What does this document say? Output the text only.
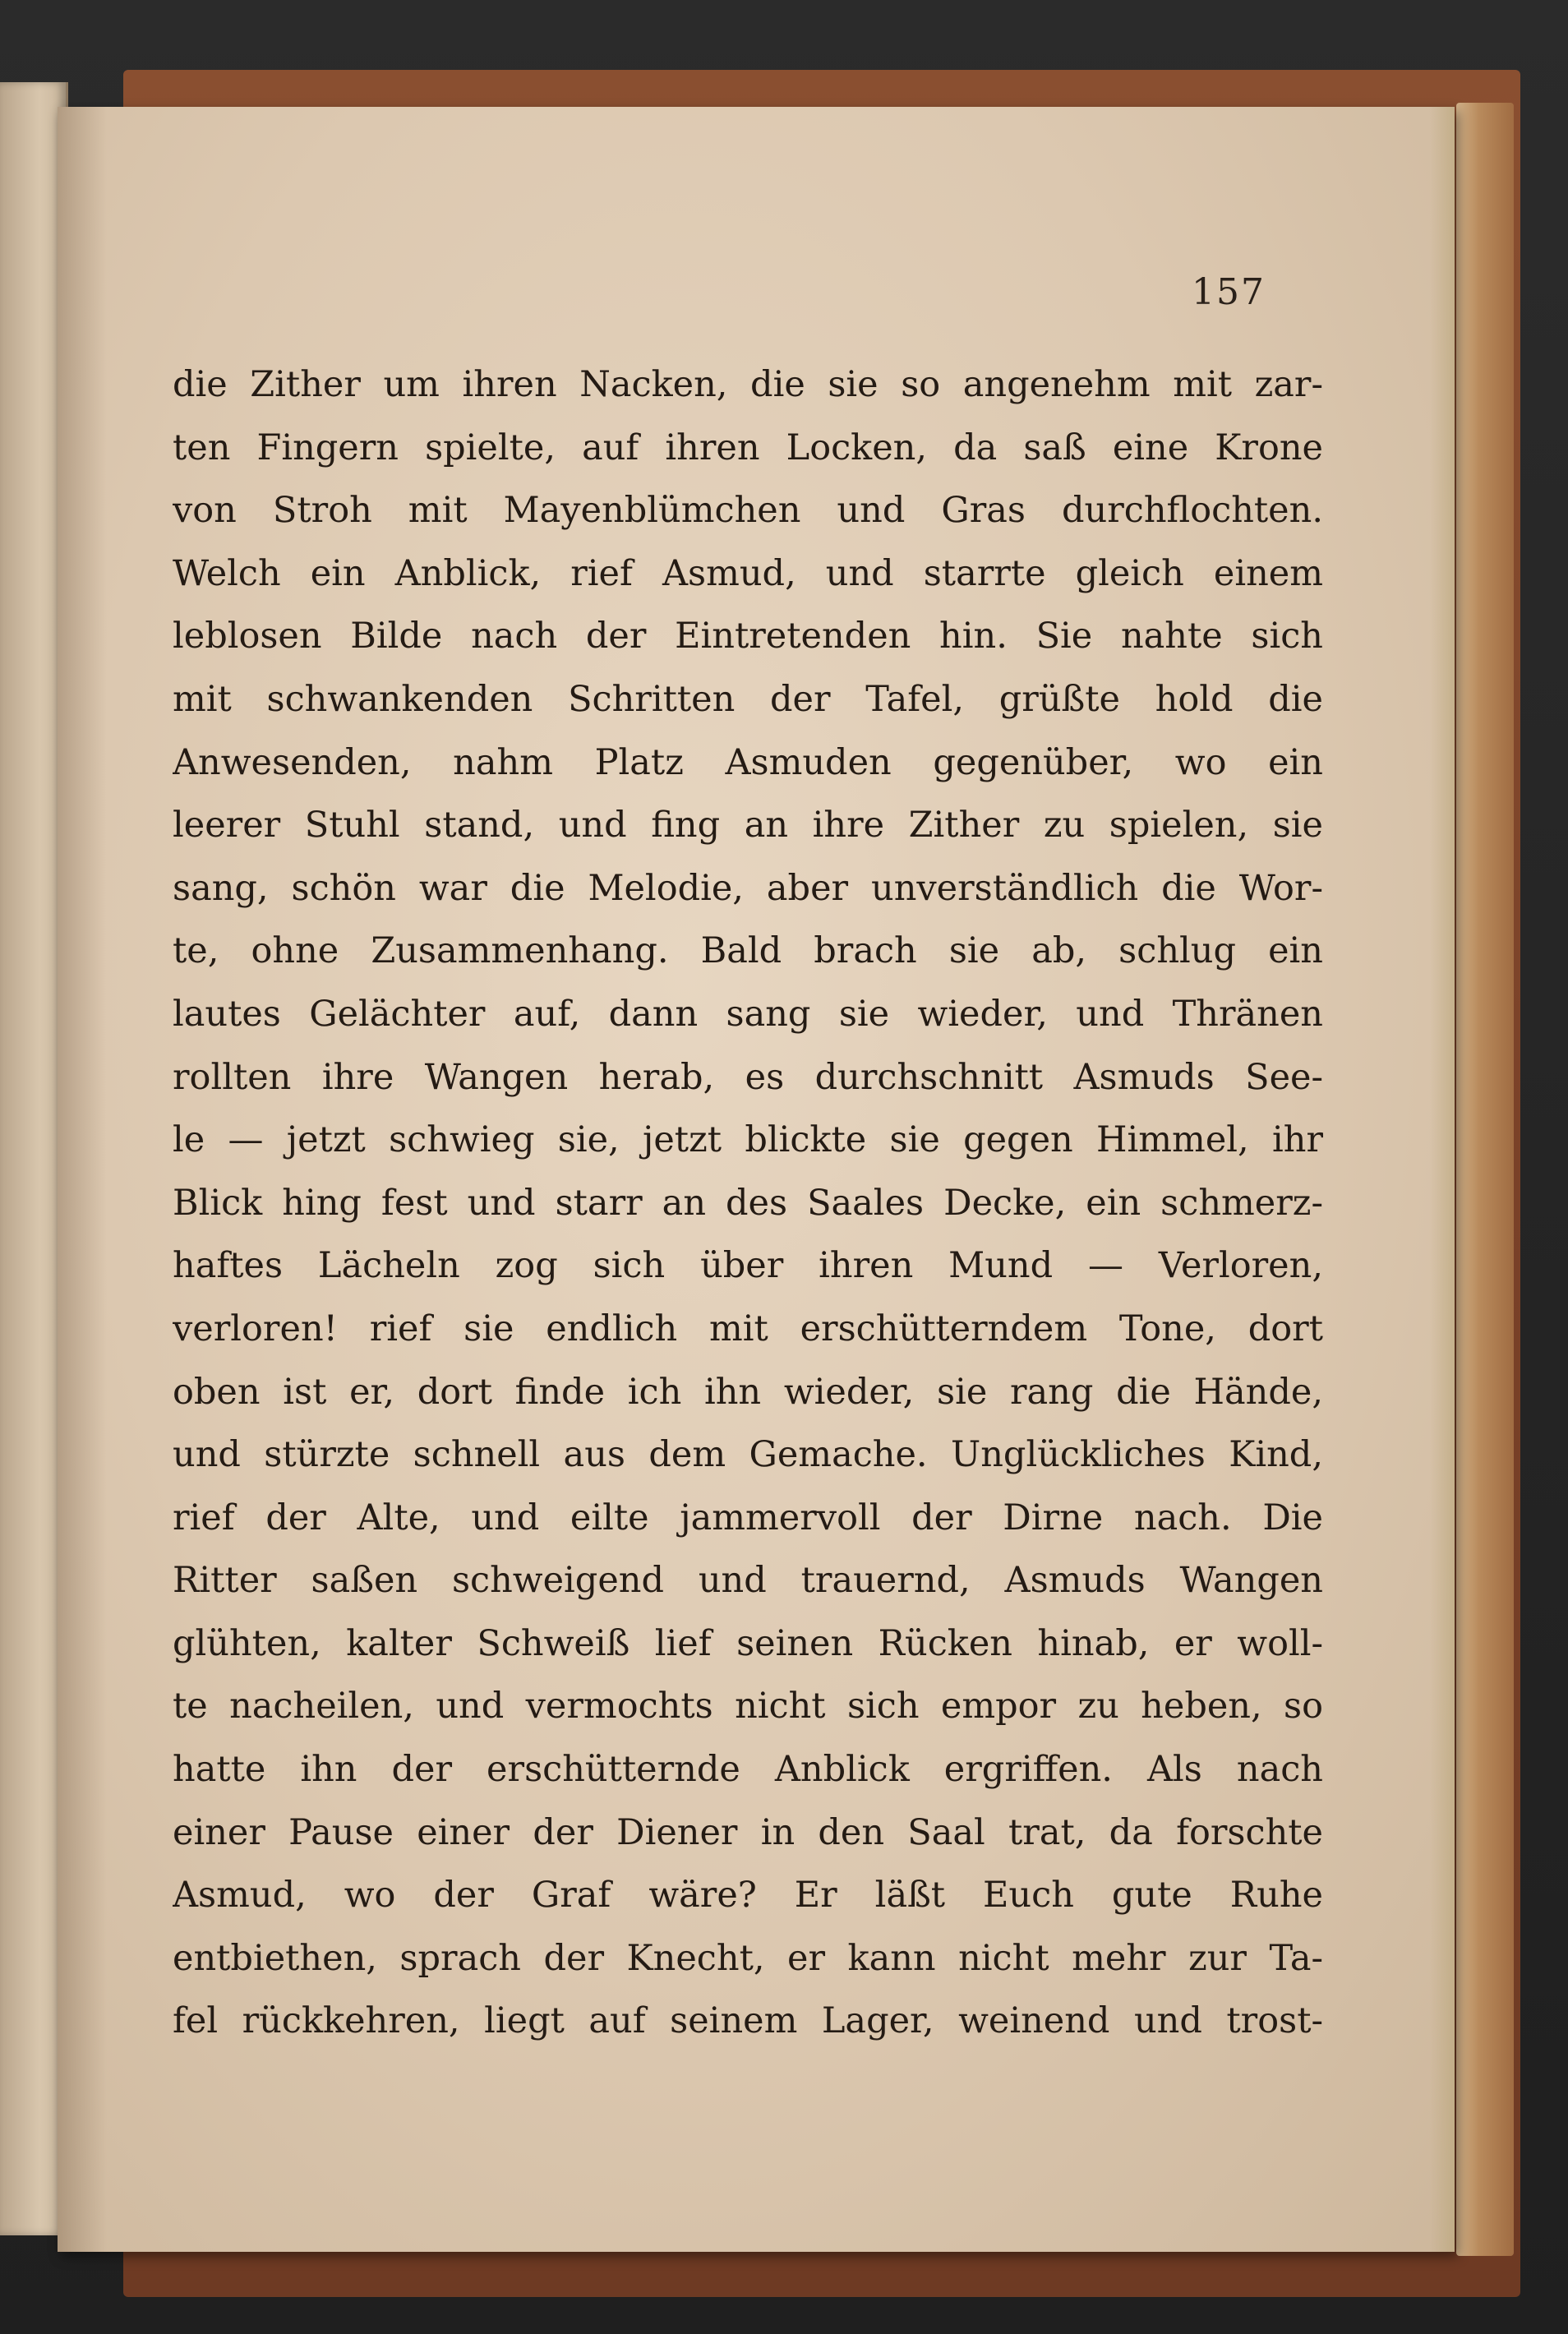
157
die Zither um ihren Nacken, die sie so angenehm mit zar-
ten Fingern spielte, auf ihren Locken, da saß eine Krone
von Stroh mit Mayenblümchen und Gras durchflochten.
Welch ein Anblick, rief Asmud, und starrte gleich einem
leblosen Bilde nach der Eintretenden hin. Sie nahte sich
mit schwankenden Schritten der Tafel, grüßte hold die
Anwesenden, nahm Platz Asmuden gegenüber, wo ein
leerer Stuhl stand, und fing an ihre Zither zu spielen, sie
sang, schön war die Melodie, aber unverständlich die Wor-
te, ohne Zusammenhang. Bald brach sie ab, schlug ein
lautes Gelächter auf, dann sang sie wieder, und Thränen
rollten ihre Wangen herab, es durchschnitt Asmuds See-
le — jetzt schwieg sie, jetzt blickte sie gegen Himmel, ihr
Blick hing fest und starr an des Saales Decke, ein schmerz-
haftes Lächeln zog sich über ihren Mund — Verloren,
verloren! rief sie endlich mit erschütterndem Tone, dort
oben ist er, dort finde ich ihn wieder, sie rang die Hände,
und stürzte schnell aus dem Gemache. Unglückliches Kind,
rief der Alte, und eilte jammervoll der Dirne nach. Die
Ritter saßen schweigend und trauernd, Asmuds Wangen
glühten, kalter Schweiß lief seinen Rücken hinab, er woll-
te nacheilen, und vermochts nicht sich empor zu heben, so
hatte ihn der erschütternde Anblick ergriffen. Als nach
einer Pause einer der Diener in den Saal trat, da forschte
Asmud, wo der Graf wäre? Er läßt Euch gute Ruhe
entbiethen, sprach der Knecht, er kann nicht mehr zur Ta-
fel rückkehren, liegt auf seinem Lager, weinend und trost-
